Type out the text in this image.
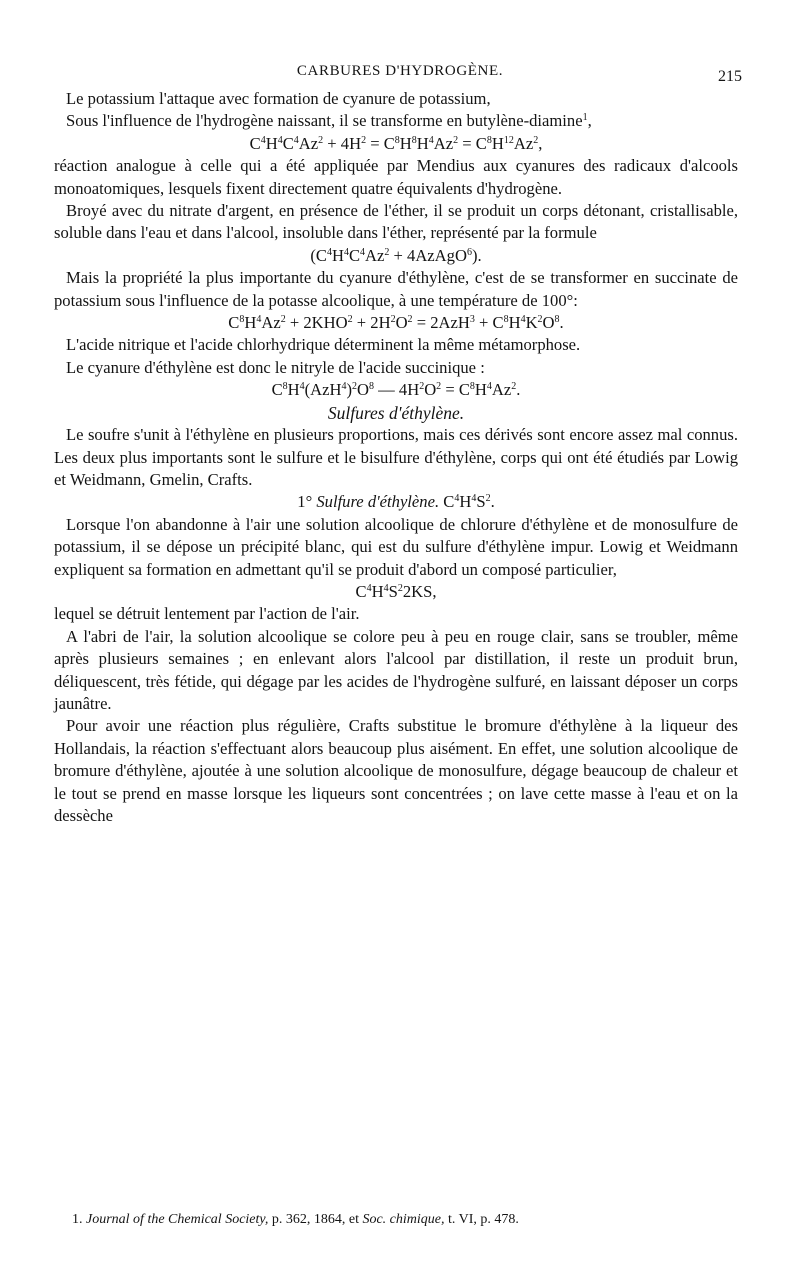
CARBURES D'HYDROGÈNE.	215

Le potassium l'attaque avec formation de cyanure de potassium,

Sous l'influence de l'hydrogène naissant, il se transforme en butylène-diamine$^1$,

$C^4H^4C^4Az^2 + 4H^2 = C^8H^8H^4Az^2 = C^8H^{12}Az^2$,

réaction analogue à celle qui a été appliquée par Mendius aux cyanures des radicaux d'alcools monoatomiques, lesquels fixent directement quatre équivalents d'hydrogène.

Broyé avec du nitrate d'argent, en présence de l'éther, il se produit un corps détonant, cristallisable, soluble dans l'eau et dans l'alcool, insoluble dans l'éther, représenté par la formule

($C^4H^4C^4Az^2$ + 4AzAgO$^6$).

Mais la propriété la plus importante du cyanure d'éthylène, c'est de se transformer en succinate de potassium sous l'influence de la potasse alcoolique, à une température de 100°:

$C^8H^4Az^2 + 2KHO^2 + 2H^2O^2 = 2AzH^3 + C^8H^4K^2O^8$.

L'acide nitrique et l'acide chlorhydrique déterminent la même métamorphose.

Le cyanure d'éthylène est donc le nitryle de l'acide succinique :

$C^8H^4(AzH^4)^2O^8$ — $4H^2O^2 = C^8H^4Az^2$.

Sulfures d'éthylène.

Le soufre s'unit à l'éthylène en plusieurs proportions, mais ces dérivés sont encore assez mal connus. Les deux plus importants sont le sulfure et le bisulfure d'éthylène, corps qui ont été étudiés par Lowig et Weidmann, Gmelin, Crafts.

1° Sulfure d'éthylène. $C^4H^4S^2$.

Lorsque l'on abandonne à l'air une solution alcoolique de chlorure d'éthylène et de monosulfure de potassium, il se dépose un précipité blanc, qui est du sulfure d'éthylène impur. Lowig et Weidmann expliquent sa formation en admettant qu'il se produit d'abord un composé particulier,

$C^4H^4S^22KS$,

lequel se détruit lentement par l'action de l'air.

A l'abri de l'air, la solution alcoolique se colore peu à peu en rouge clair, sans se troubler, même après plusieurs semaines ; en enlevant alors l'alcool par distillation, il reste un produit brun, déliquescent, très fétide, qui dégage par les acides de l'hydrogène sulfuré, en laissant déposer un corps jaunâtre.

Pour avoir une réaction plus régulière, Crafts substitue le bromure d'éthylène à la liqueur des Hollandais, la réaction s'effectuant alors beaucoup plus aisément. En effet, une solution alcoolique de bromure d'éthylène, ajoutée à une solution alcoolique de monosulfure, dégage beaucoup de chaleur et le tout se prend en masse lorsque les liqueurs sont concentrées ; on lave cette masse à l'eau et on la dessèche

1. Journal of the Chemical Society, p. 362, 1864, et Soc. chimique, t. VI, p. 478.
